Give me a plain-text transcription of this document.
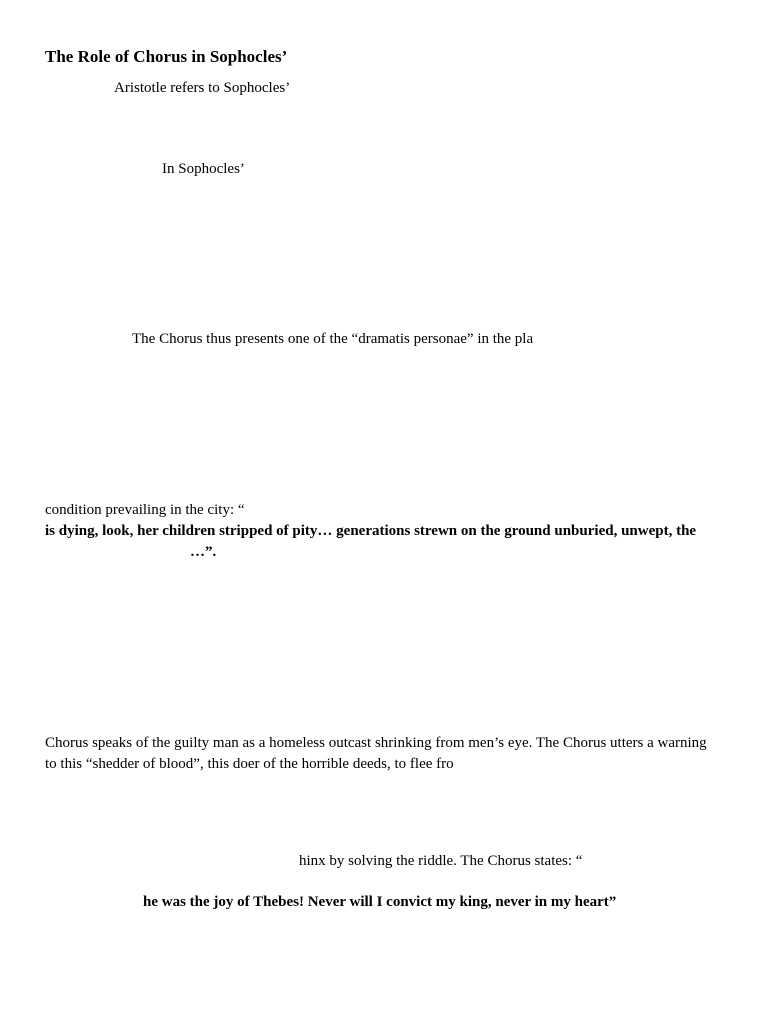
The Role of Chorus in Sophocles’
Aristotle refers to Sophocles’
In Sophocles’
The Chorus thus presents one of the “dramatis personae” in the pla
condition prevailing in the city: “
is dying, look, her children stripped of pity… generations strewn on the ground unburied, unwept, the
…”.
Chorus speaks of the guilty man as a homeless outcast shrinking from men’s eye. The Chorus utters a warning
to this “shedder of blood”, this doer of the horrible deeds, to flee fro
hinx by solving the riddle. The Chorus states: “
he was the joy of Thebes! Never will I convict my king, never in my heart”
